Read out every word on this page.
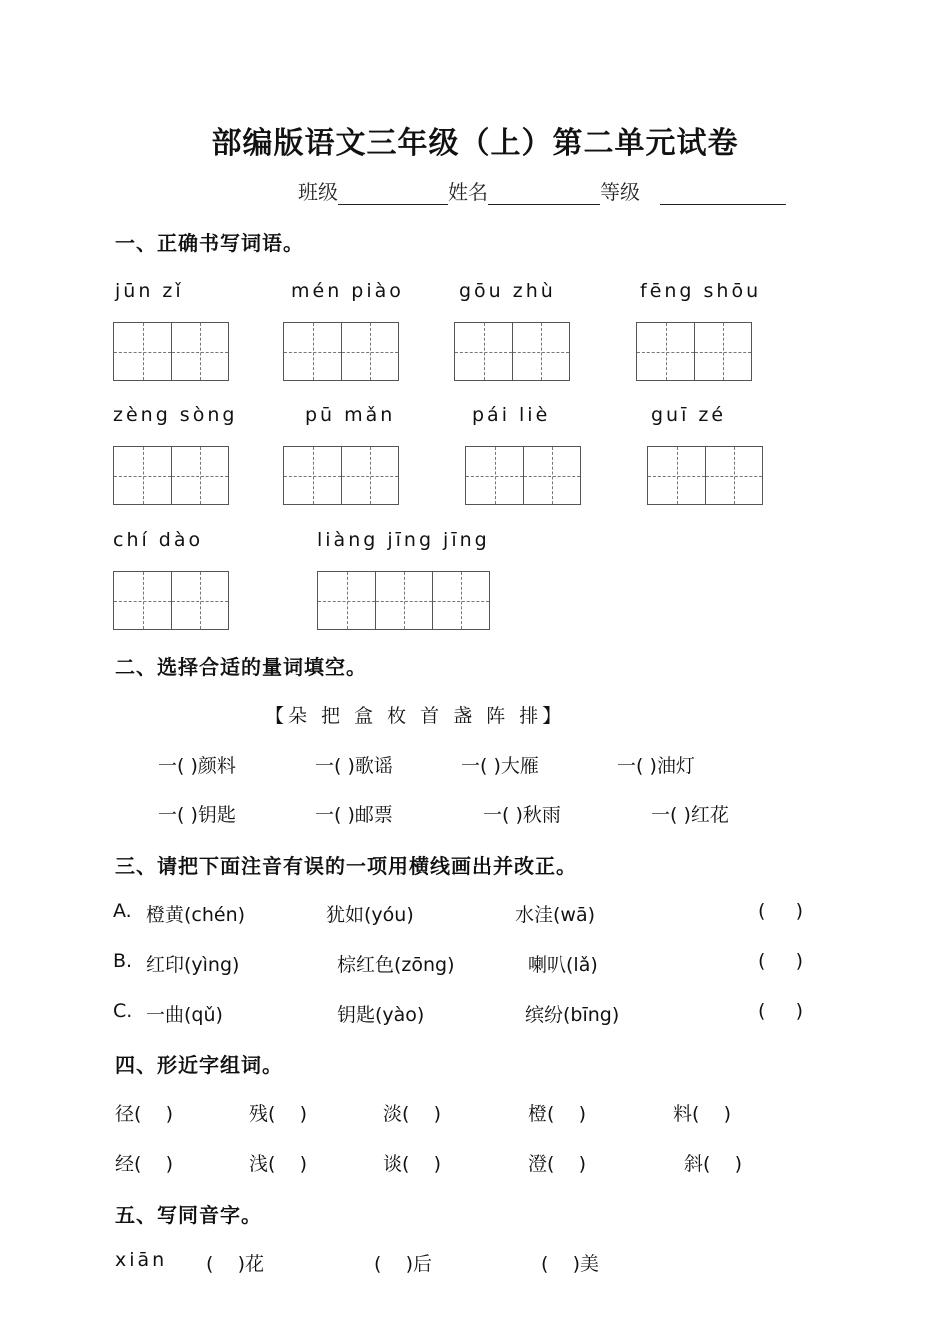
部编版语文三年级（上）第二单元试卷
班级	姓名	等级
一、正确书写词语。
jūn zǐ	mén piào	gōu zhù	fēng shōu
zèng sòng	pū mǎn	pái liè	guī zé
chí dào	liàng jīng jīng
二、选择合适的量词填空。
【朵 把 盒 枚 首 盏 阵 排】
一( )颜料	一( )歌谣	一( )大雁	一( )油灯
一( )钥匙	一( )邮票	一( )秋雨	一( )红花
三、请把下面注音有误的一项用横线画出并改正。
A. 橙黄(chén)	犹如(yóu)	水洼(wā)	(     )
B. 红印(yìng)	棕红色(zōng)	喇叭(lǎ)	(     )
C. 一曲(qǔ)	钥匙(yào)	缤纷(bīng)	(     )
四、形近字组词。
径(    )	残(    )	淡(    )	橙(    )	料(    )
经(    )	浅(    )	谈(    )	澄(    )	斜(    )
五、写同音字。
xiān (    )花	(    )后	(    )美
